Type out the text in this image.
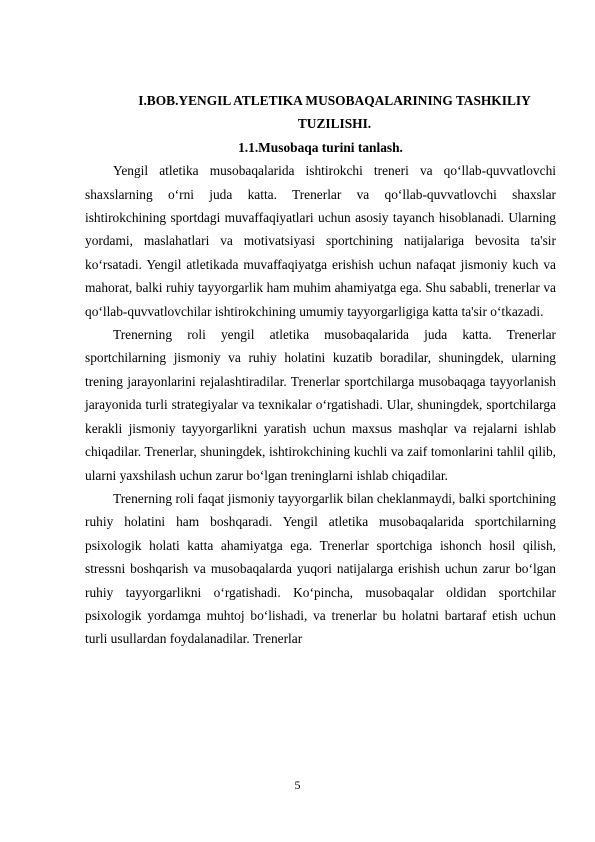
I.BOB.YENGIL ATLETIKA MUSOBAQALARINING TASHKILIY TUZILISHI.

1.1.Musobaqa turini tanlash.

Yengil atletika musobaqalarida ishtirokchi treneri va qo‘llab-quvvatlovchi shaxslarning o‘rni juda katta. Trenerlar va qo‘llab-quvvatlovchi shaxslar ishtirokchining sportdagi muvaffaqiyatlari uchun asosiy tayanch hisoblanadi. Ularning yordami, maslahatlari va motivatsiyasi sportchining natijalariga bevosita ta'sir ko‘rsatadi. Yengil atletikada muvaffaqiyatga erishish uchun nafaqat jismoniy kuch va mahorat, balki ruhiy tayyorgarlik ham muhim ahamiyatga ega. Shu sababli, trenerlar va qo‘llab-quvvatlovchilar ishtirokchining umumiy tayyorgarligiga katta ta'sir o‘tkazadi.

Trenerning roli yengil atletika musobaqalarida juda katta. Trenerlar sportchilarning jismoniy va ruhiy holatini kuzatib boradilar, shuningdek, ularning trening jarayonlarini rejalashtiradilar. Trenerlar sportchilarga musobaqaga tayyorlanish jarayonida turli strategiyalar va texnikalar o‘rgatishadi. Ular, shuningdek, sportchilarga kerakli jismoniy tayyorgarlikni yaratish uchun maxsus mashqlar va rejalarni ishlab chiqadilar. Trenerlar, shuningdek, ishtirokchining kuchli va zaif tomonlarini tahlil qilib, ularni yaxshilash uchun zarur bo‘lgan treninglarni ishlab chiqadilar.

Trenerning roli faqat jismoniy tayyorgarlik bilan cheklanmaydi, balki sportchining ruhiy holatini ham boshqaradi. Yengil atletika musobaqalarida sportchilarning psixologik holati katta ahamiyatga ega. Trenerlar sportchiga ishonch hosil qilish, stressni boshqarish va musobaqalarda yuqori natijalarga erishish uchun zarur bo‘lgan ruhiy tayyorgarlikni o‘rgatishadi. Ko‘pincha, musobaqalar oldidan sportchilar psixologik yordamga muhtoj bo‘lishadi, va trenerlar bu holatni bartaraf etish uchun turli usullardan foydalanadilar. Trenerlar

5
